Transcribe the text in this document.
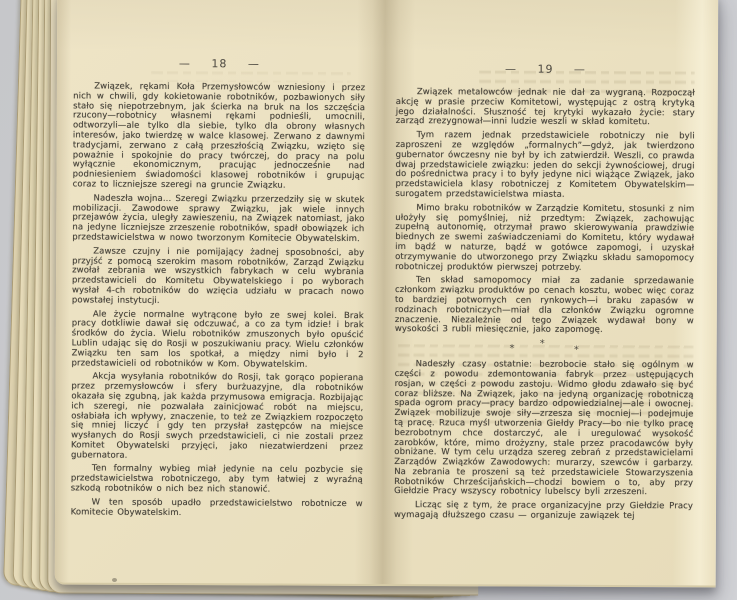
— 18 —

Związek, rękami Koła Przemysłowców wzniesiony i przez nich w chwili, gdy kokietowanie robotników, pozbawionych siły stało się niepotrzebnym, jak ścierka na bruk na los szczęścia rzucony—robotnicy własnemi rękami podnieśli, umocnili, odtworzyli—ale tylko dla siebie, tylko dla obrony własnych interesów, jako twierdzę w walce klasowej. Zerwano z dawnymi tradycjami, zerwano z całą przeszłością Związku, wzięto się poważnie i spokojnie do pracy twórczej, do pracy na polu wyłącznie ekonomicznym, pracując jednocześnie nad podniesieniem świadomości klasowej robotników i grupując coraz to liczniejsze szeregi na gruncie Związku.

Nadeszła wojna... Szeregi Związku przerzedziły się w skutek mobilizacji. Zawodowe sprawy Związku, jak wiele innych przejawów życia, uległy zawieszeniu, na Związek natomiast, jako na jedyne liczniejsze zrzeszenie robotników, spadł obowiązek ich przedstawicielstwa w nowo tworzonym Komitecie Obywatelskim.

Zawsze czujny i nie pomijający żadnej sposobności, aby przyjść z pomocą szerokim masom robotników, Zarząd Związku zwołał zebrania we wszystkich fabrykach w celu wybrania przedstawicieli do Komitetu Obywatelskiego i po wyborach wysłał 4-ch robotników do wzięcia udziału w pracach nowo powstałej instytucji.

Ale życie normalne wytrącone było ze swej kolei. Brak pracy dotkliwie dawał się odczuwać, a co za tym idzie! i brak środków do życia. Wielu robotników zmuszonych było opuścić Lublin udając się do Rosji w poszukiwaniu pracy. Wielu członków Związku ten sam los spotkał, a między nimi było i 2 przedstawicieli od robotników w Kom. Obywatelskim.

Akcja wysyłania robotników do Rosji, tak gorąco popierana przez przemysłowców i sfery burżuazyjne, dla robotników okazała się zgubną, jak każda przymusowa emigracja. Rozbijając ich szeregi, nie pozwalała zainicjować robót na miejscu, osłabiała ich wpływy, znaczenie, to też ze Związkiem rozpoczęto się mniej liczyć i gdy ten przysłał zastępców na miejsce wysłanych do Rosji swych przedstawicieli, ci nie zostali przez Komitet Obywatelski przyjęci, jako niezatwierdzeni przez gubernatora.

Ten formalny wybieg miał jedynie na celu pozbycie się przedstawicielstwa robotniczego, aby tym łatwiej z wyraźną szkodą robotników o nich bez nich stanowić.

W ten sposób upadło przedstawicielstwo robotnicze w Komitecie Obywatelskim.

— 19 —

Związek metalowców jednak nie dał za wygraną. Rozpoczął akcję w prasie przeciw Komitetowi, występując z ostrą krytyką jego działalności. Słuszność tej krytyki wykazało życie: stary zarząd zrezygnował—inni ludzie weszli w skład komitetu.

Tym razem jednak przedstawiciele robotniczy nie byli zaproszeni ze względów „formalnych”—gdyż, jak twierdzono gubernator ówczesny nie był by ich zatwierdził. Weszli, co prawda dwaj przedstawiciele związku: jeden do sekcji żywnościowej, drugi do pośrednictwa pracy i to były jedyne nici wiążące Związek, jako przedstawiciela klasy robotniczej z Komitetem Obywatelskim—surogatem przedstawicielstwa miasta.

Mimo braku robotników w Zarządzie Komitetu, stosunki z nim ułożyły się pomyślniej, niż przedtym: Związek, zachowując zupełną autonomię, otrzymał prawo skierowywania prawdziwie biednych ze swemi zaświadczeniami do Komitetu, który wydawał im bądź w naturze, bądź w gotówce zapomogi, i uzyskał otrzymywanie do utworzonego przy Związku składu samopomocy robotniczej produktów pierwszej potrzeby.

Ten skład samopomocy miał za zadanie sprzedawanie członkom związku produktów po cenach kosztu, wobec więc coraz to bardziej potwornych cen rynkowych—i braku zapasów w rodzinach robotniczych—miał dla członków Związku ogromne znaczenie. Niezależnie od tego Związek wydawał bony w wysokości 3 rubli miesięcznie, jako zapomogę.

*	* *

Nadeszły czasy ostatnie: bezrobocie stało się ogólnym w części z powodu zdemontowania fabryk przez ustępujących rosjan, w części z powodu zastoju. Widmo głodu zdawało się być coraz bliższe. Na Związek, jako na jedyną organizację robotniczą spada ogrom pracy—pracy bardzo odpowiedzialnej—ale i owocnej. Związek mobilizuje swoje siły—zrzesza się mocniej—i podejmuje tą pracę. Rzuca myśl utworzenia Giełdy Pracy—bo nie tylko pracę bezrobotnym chce dostarczyć, ale i uregulować wysokość zarobków, które, mimo drożyzny, stale przez pracodawców były obniżane. W tym celu urządza szereg zebrań z przedstawicielami Zarządów Związków Zawodowych: murarzy, szewców i garbarzy. Na zebrania te proszeni są też przedstawiciele Stowarzyszenia Robotników Chrześcijańskich—chodzi bowiem o to, aby przy Giełdzie Pracy wszyscy robotnicy lubelscy byli zrzeszeni.

Licząc się z tym, że prace organizacyjne przy Giełdzie Pracy wymagają dłuższego czasu — organizuje zawiązek tej
